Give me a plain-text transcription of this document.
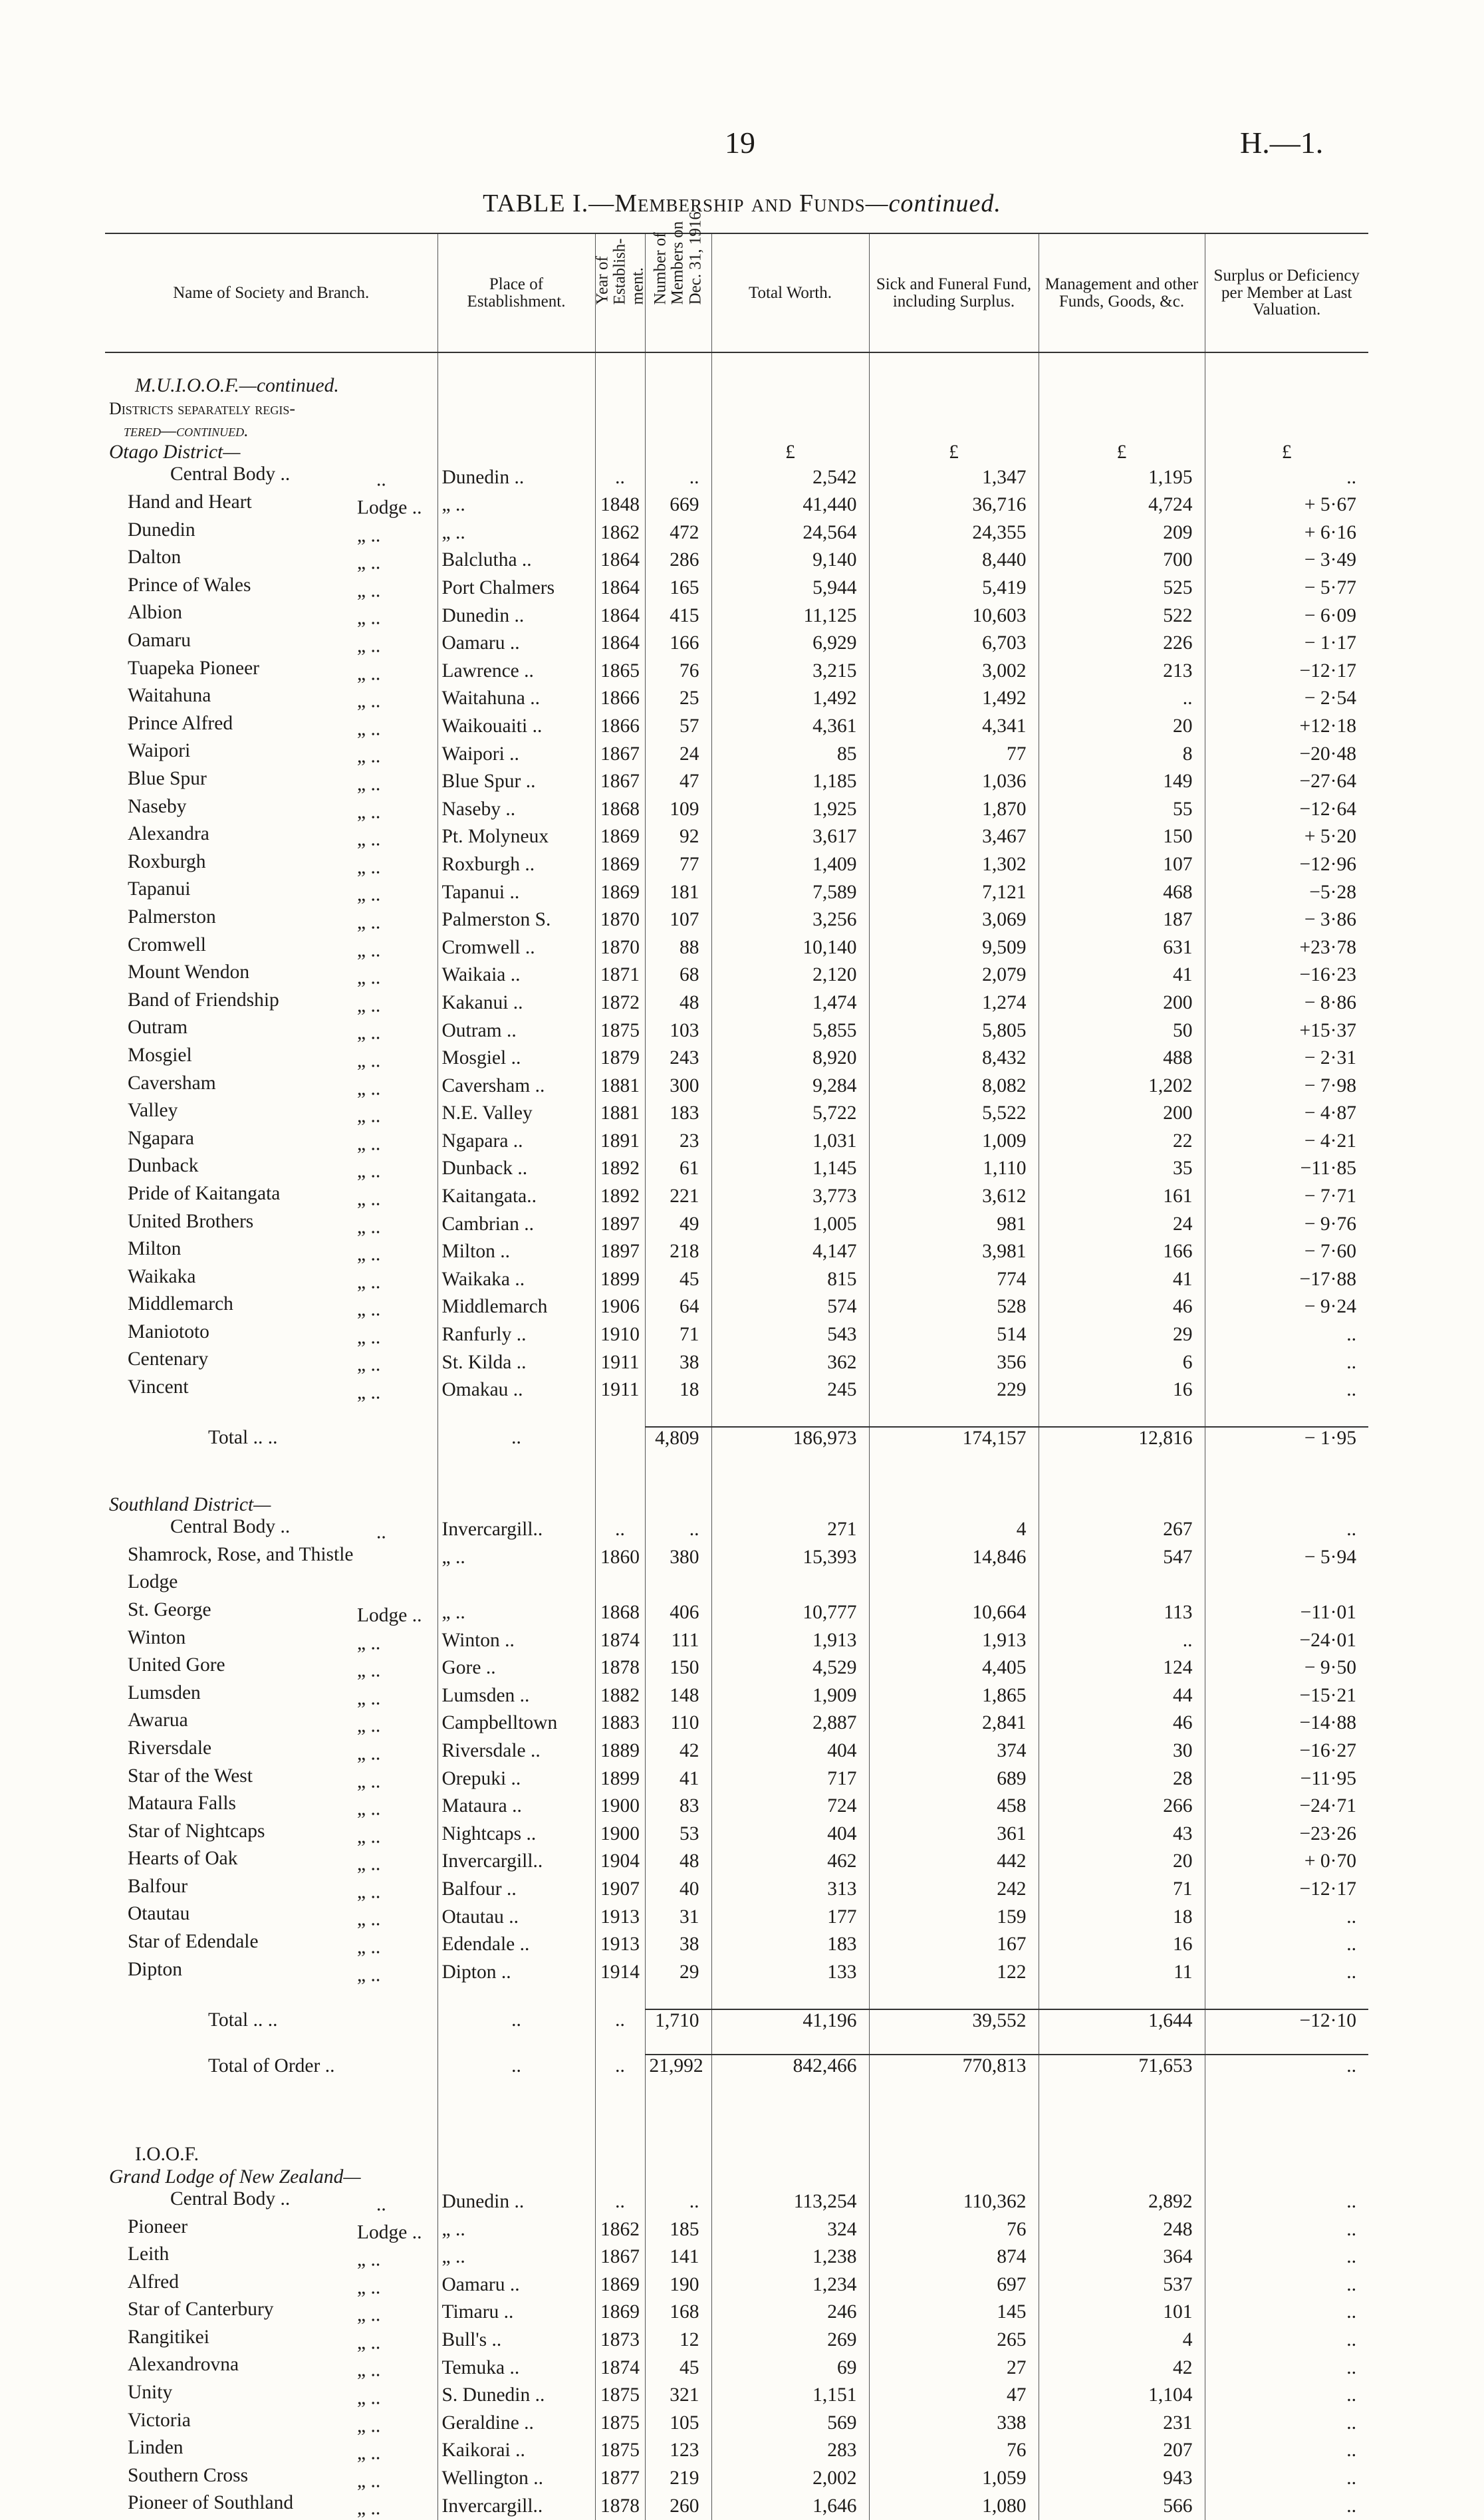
19	H.—1.
TABLE I.—Membership and Funds—continued.
Name of Society and Branch.	Place of Establishment.	Year of
Establish-
ment.	Number of
Members on
Dec. 31, 1916.	Total Worth.	Sick and Funeral Fund, including Surplus.	Management and other Funds, Goods, &c.	Surplus or Deficiency per Member at Last Valuation.

M.U.I.O.O.F.—continued.							
Districts separately regis-							
tered—continued.							
Otago District—				£	£	£	£
Central Body .. ..	Dunedin ..	..	..	2,542	1,347	1,195	..
Hand and Heart Lodge ..	„ ..	1848	669	41,440	36,716	4,724	+ 5·67
Dunedin „ ..	„ ..	1862	472	24,564	24,355	209	+ 6·16
Dalton „ ..	Balclutha ..	1864	286	9,140	8,440	700	− 3·49
Prince of Wales „ ..	Port Chalmers	1864	165	5,944	5,419	525	− 5·77
Albion „ ..	Dunedin ..	1864	415	11,125	10,603	522	− 6·09
Oamaru „ ..	Oamaru ..	1864	166	6,929	6,703	226	− 1·17
Tuapeka Pioneer „ ..	Lawrence ..	1865	76	3,215	3,002	213	−12·17
Waitahuna „ ..	Waitahuna ..	1866	25	1,492	1,492	..	− 2·54
Prince Alfred „ ..	Waikouaiti ..	1866	57	4,361	4,341	20	+12·18
Waipori „ ..	Waipori ..	1867	24	85	77	8	−20·48
Blue Spur „ ..	Blue Spur ..	1867	47	1,185	1,036	149	−27·64
Naseby „ ..	Naseby ..	1868	109	1,925	1,870	55	−12·64
Alexandra „ ..	Pt. Molyneux	1869	92	3,617	3,467	150	+ 5·20
Roxburgh „ ..	Roxburgh ..	1869	77	1,409	1,302	107	−12·96
Tapanui „ ..	Tapanui ..	1869	181	7,589	7,121	468	−5·28
Palmerston „ ..	Palmerston S.	1870	107	3,256	3,069	187	− 3·86
Cromwell „ ..	Cromwell ..	1870	88	10,140	9,509	631	+23·78
Mount Wendon „ ..	Waikaia ..	1871	68	2,120	2,079	41	−16·23
Band of Friendship „ ..	Kakanui ..	1872	48	1,474	1,274	200	− 8·86
Outram „ ..	Outram ..	1875	103	5,855	5,805	50	+15·37
Mosgiel „ ..	Mosgiel ..	1879	243	8,920	8,432	488	− 2·31
Caversham „ ..	Caversham ..	1881	300	9,284	8,082	1,202	− 7·98
Valley „ ..	N.E. Valley	1881	183	5,722	5,522	200	− 4·87
Ngapara „ ..	Ngapara ..	1891	23	1,031	1,009	22	− 4·21
Dunback „ ..	Dunback ..	1892	61	1,145	1,110	35	−11·85
Pride of Kaitangata „ ..	Kaitangata..	1892	221	3,773	3,612	161	− 7·71
United Brothers „ ..	Cambrian ..	1897	49	1,005	981	24	− 9·76
Milton „ ..	Milton ..	1897	218	4,147	3,981	166	− 7·60
Waikaka „ ..	Waikaka ..	1899	45	815	774	41	−17·88
Middlemarch „ ..	Middlemarch	1906	64	574	528	46	− 9·24
Maniototo „ ..	Ranfurly ..	1910	71	543	514	29	..
Centenary „ ..	St. Kilda ..	1911	38	362	356	6	..
Vincent „ ..	Omakau ..	1911	18	245	229	16	..

Total .. ..	..		4,809	186,973	174,157	12,816	− 1·95

Southland District—							
Central Body .. ..	Invercargill..	..	..	271	4	267	..
Shamrock, Rose, and Thistle	„ ..	1860	380	15,393	14,846	547	− 5·94
Lodge							
St. George Lodge ..	„ ..	1868	406	10,777	10,664	113	−11·01
Winton „ ..	Winton ..	1874	111	1,913	1,913	..	−24·01
United Gore „ ..	Gore ..	1878	150	4,529	4,405	124	− 9·50
Lumsden „ ..	Lumsden ..	1882	148	1,909	1,865	44	−15·21
Awarua „ ..	Campbelltown	1883	110	2,887	2,841	46	−14·88
Riversdale „ ..	Riversdale ..	1889	42	404	374	30	−16·27
Star of the West „ ..	Orepuki ..	1899	41	717	689	28	−11·95
Mataura Falls „ ..	Mataura ..	1900	83	724	458	266	−24·71
Star of Nightcaps „ ..	Nightcaps ..	1900	53	404	361	43	−23·26
Hearts of Oak „ ..	Invercargill..	1904	48	462	442	20	+ 0·70
Balfour „ ..	Balfour ..	1907	40	313	242	71	−12·17
Otautau „ ..	Otautau ..	1913	31	177	159	18	..
Star of Edendale „ ..	Edendale ..	1913	38	183	167	16	..
Dipton „ ..	Dipton ..	1914	29	133	122	11	..

Total .. ..	..	..	1,710	41,196	39,552	1,644	−12·10

Total of Order ..	..	..	21,992	842,466	770,813	71,653	..

I.O.O.F.							
Grand Lodge of New Zealand—							
Central Body .. ..	Dunedin ..	..	..	113,254	110,362	2,892	..
Pioneer Lodge ..	„ ..	1862	185	324	76	248	..
Leith „ ..	„ ..	1867	141	1,238	874	364	..
Alfred „ ..	Oamaru ..	1869	190	1,234	697	537	..
Star of Canterbury „ ..	Timaru ..	1869	168	246	145	101	..
Rangitikei „ ..	Bull's ..	1873	12	269	265	4	..
Alexandrovna „ ..	Temuka ..	1874	45	69	27	42	..
Unity „ ..	S. Dunedin ..	1875	321	1,151	47	1,104	..
Victoria „ ..	Geraldine ..	1875	105	569	338	231	..
Linden „ ..	Kaikorai ..	1875	123	283	76	207	..
Southern Cross „ ..	Wellington ..	1877	219	2,002	1,059	943	..
Pioneer of Southland „ ..	Invercargill..	1878	260	1,646	1,080	566	..
